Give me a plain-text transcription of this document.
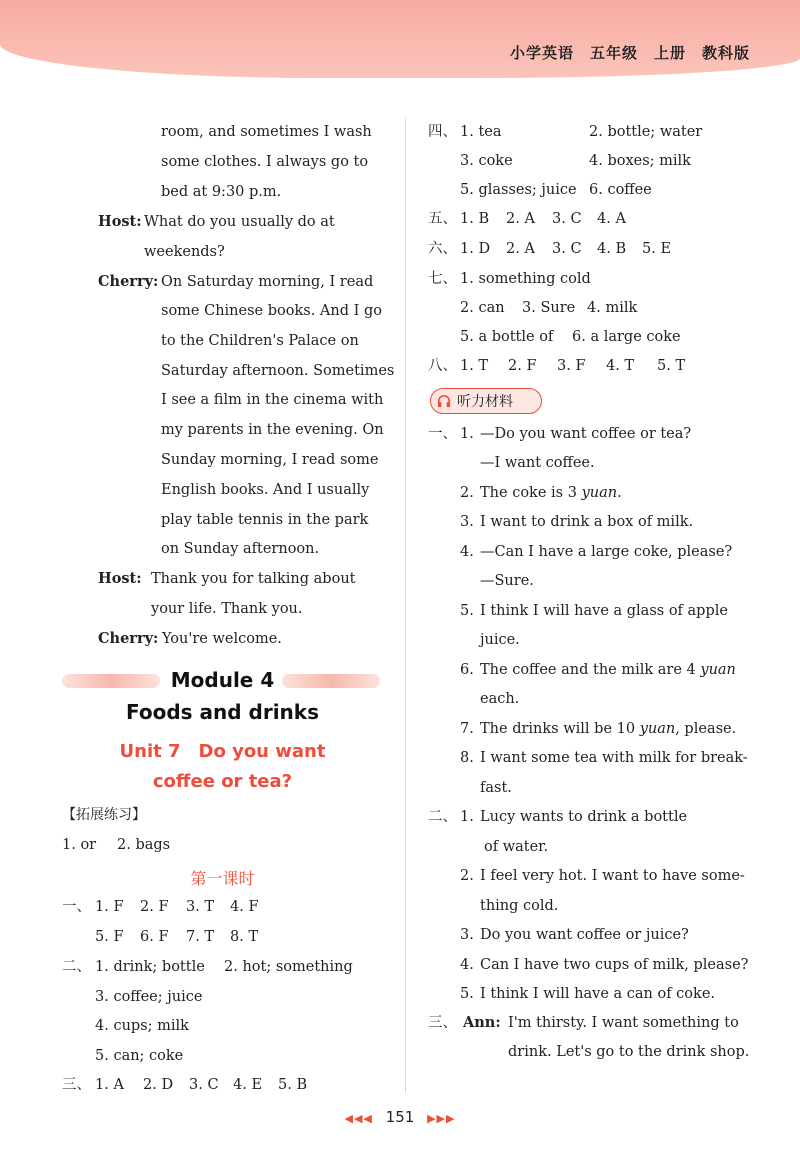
小学英语　五年级　上册　教科版
room, and sometimes I wash
some clothes. I always go to
bed at 9:30 p.m.
Host: What do you usually do at
weekends?
Cherry: On Saturday morning, I read
some Chinese books. And I go
to the Children's Palace on
Saturday afternoon. Sometimes
I see a film in the cinema with
my parents in the evening. On
Sunday morning, I read some
English books. And I usually
play table tennis in the park
on Sunday afternoon.
Host: Thank you for talking about
your life. Thank you.
Cherry: You're welcome.
Module 4
Foods and drinks
Unit 7　Do you want
coffee or tea?
【拓展练习】
1. or 2. bags
第一课时
一、 1. F 2. F 3. T 4. F
5. F 6. F 7. T 8. T
二、 1. drink; bottle 2. hot; something
3. coffee; juice
4. cups; milk
5. can; coke
三、 1. A 2. D 3. C 4. E 5. B
四、 1. tea	2. bottle; water
3. coke	4. boxes; milk
5. glasses; juice 6. coffee
五、 1. B 2. A 3. C 4. A
六、 1. D 2. A 3. C 4. B 5. E
七、 1. something cold
2. can 3. Sure 4. milk
5. a bottle of 6. a large coke
八、 1. T 2. F 3. F 4. T 5. T
听力材料
一、 1. —Do you want coffee or tea?
—I want coffee.
2. The coke is 3 yuan.
3. I want to drink a box of milk.
4. —Can I have a large coke, please?
—Sure.
5. I think I will have a glass of apple
juice.
6. The coffee and the milk are 4 yuan
each.
7. The drinks will be 10 yuan, please.
8. I want some tea with milk for break-
fast.
二、 1. Lucy wants to drink a bottle
of water.
2. I feel very hot. I want to have some-
thing cold.
3. Do you want coffee or juice?
4. Can I have two cups of milk, please?
5. I think I will have a can of coke.
三、 Ann: I'm thirsty. I want something to
drink. Let's go to the drink shop.
◀◀◀ 151 ▶▶▶
